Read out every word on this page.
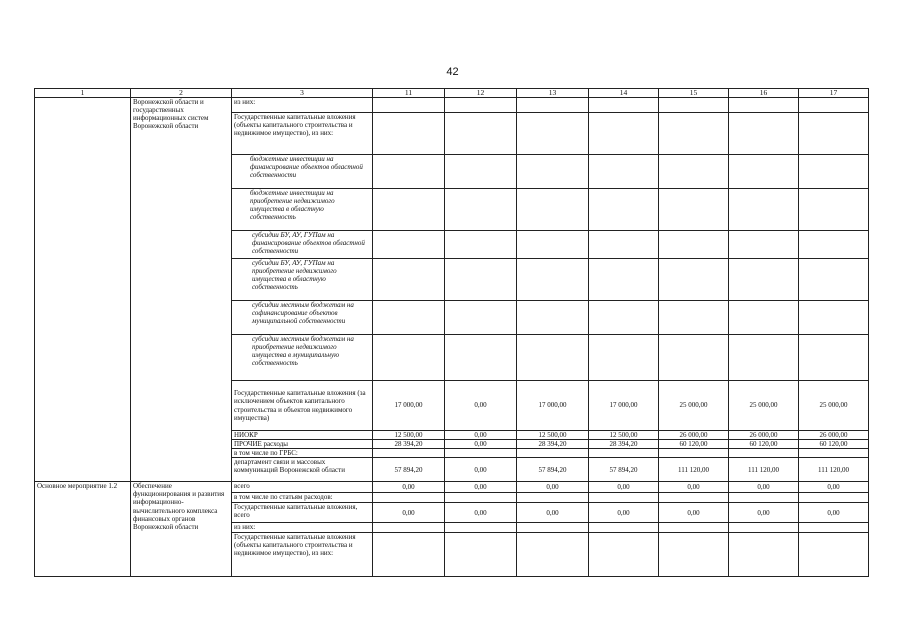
42
1	2	3	11	12	13	14	15	16	17
	Воронежской области и государственных информационных систем Воронежской области	из них:							
		Государственные капитальные вложения (объекты капитального строительства и недвижимое имущество), из них:							
		бюджетные инвестиции на финансирование объектов областной собственности							
		бюджетные инвестиции на приобретение недвижимого имущества в областную собственность							
		субсидии БУ, АУ, ГУПам на финансирование объектов областной собственности							
		субсидии БУ, АУ, ГУПам на приобретение недвижимого имущества в областную собственность							
		субсидии местным бюджетам на софинансирование объектов муниципальной собственности							
		субсидии местным бюджетам на приобретение недвижимого имущества в муниципальную собственность							
		Государственные капитальные вложения (за исключением объектов капитального строительства и объектов недвижимого имущества)	17 000,00	0,00	17 000,00	17 000,00	25 000,00	25 000,00	25 000,00
		НИОКР	12 500,00	0,00	12 500,00	12 500,00	26 000,00	26 000,00	26 000,00
		ПРОЧИЕ расходы	28 394,20	0,00	28 394,20	28 394,20	60 120,00	60 120,00	60 120,00
		в том числе по ГРБС:							
		департамент связи и массовых коммуникаций Воронежской области	57 894,20	0,00	57 894,20	57 894,20	111 120,00	111 120,00	111 120,00
Основное мероприятие 1.2	Обеспечение функционирования и развития информационно-вычислительного комплекса финансовых органов Воронежской области	всего	0,00	0,00	0,00	0,00	0,00	0,00	0,00
		в том числе по статьям расходов:							
		Государственные капитальные вложения, всего	0,00	0,00	0,00	0,00	0,00	0,00	0,00
		из них:							
		Государственные капитальные вложения (объекты капитального строительства и недвижимое имущество), из них:							
